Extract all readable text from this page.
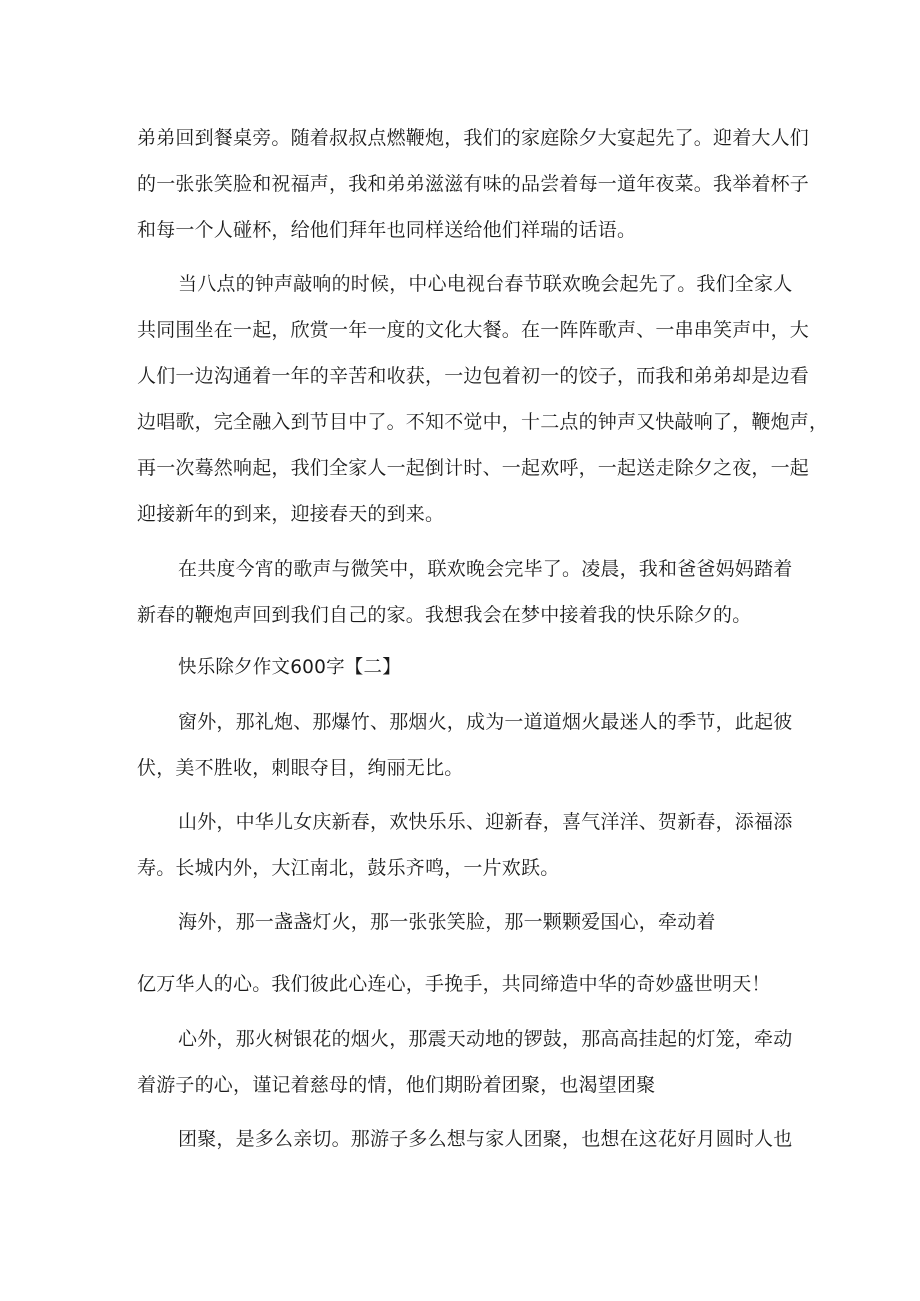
弟弟回到餐桌旁。随着叔叔点燃鞭炮，我们的家庭除夕大宴起先了。迎着大人们
的一张张笑脸和祝福声，我和弟弟滋滋有味的品尝着每一道年夜菜。我举着杯子
和每一个人碰杯，给他们拜年也同样送给他们祥瑞的话语。
当八点的钟声敲响的时候，中心电视台春节联欢晚会起先了。我们全家人
共同围坐在一起，欣赏一年一度的文化大餐。在一阵阵歌声、一串串笑声中，大
人们一边沟通着一年的辛苦和收获，一边包着初一的饺子，而我和弟弟却是边看
边唱歌，完全融入到节目中了。不知不觉中，十二点的钟声又快敲响了，鞭炮声，
再一次蓦然响起，我们全家人一起倒计时、一起欢呼，一起送走除夕之夜，一起
迎接新年的到来，迎接春天的到来。
在共度今宵的歌声与微笑中，联欢晚会完毕了。凌晨，我和爸爸妈妈踏着
新春的鞭炮声回到我们自己的家。我想我会在梦中接着我的快乐除夕的。
快乐除夕作文600字【二】
窗外，那礼炮、那爆竹、那烟火，成为一道道烟火最迷人的季节，此起彼
伏，美不胜收，刺眼夺目，绚丽无比。
山外，中华儿女庆新春，欢快乐乐、迎新春，喜气洋洋、贺新春，添福添
寿。长城内外，大江南北，鼓乐齐鸣，一片欢跃。
海外，那一盏盏灯火，那一张张笑脸，那一颗颗爱国心，牵动着
亿万华人的心。我们彼此心连心，手挽手，共同缔造中华的奇妙盛世明天！
心外，那火树银花的烟火，那震天动地的锣鼓，那高高挂起的灯笼，牵动
着游子的心，谨记着慈母的情，他们期盼着团聚，也渴望团聚
团聚，是多么亲切。那游子多么想与家人团聚，也想在这花好月圆时人也
